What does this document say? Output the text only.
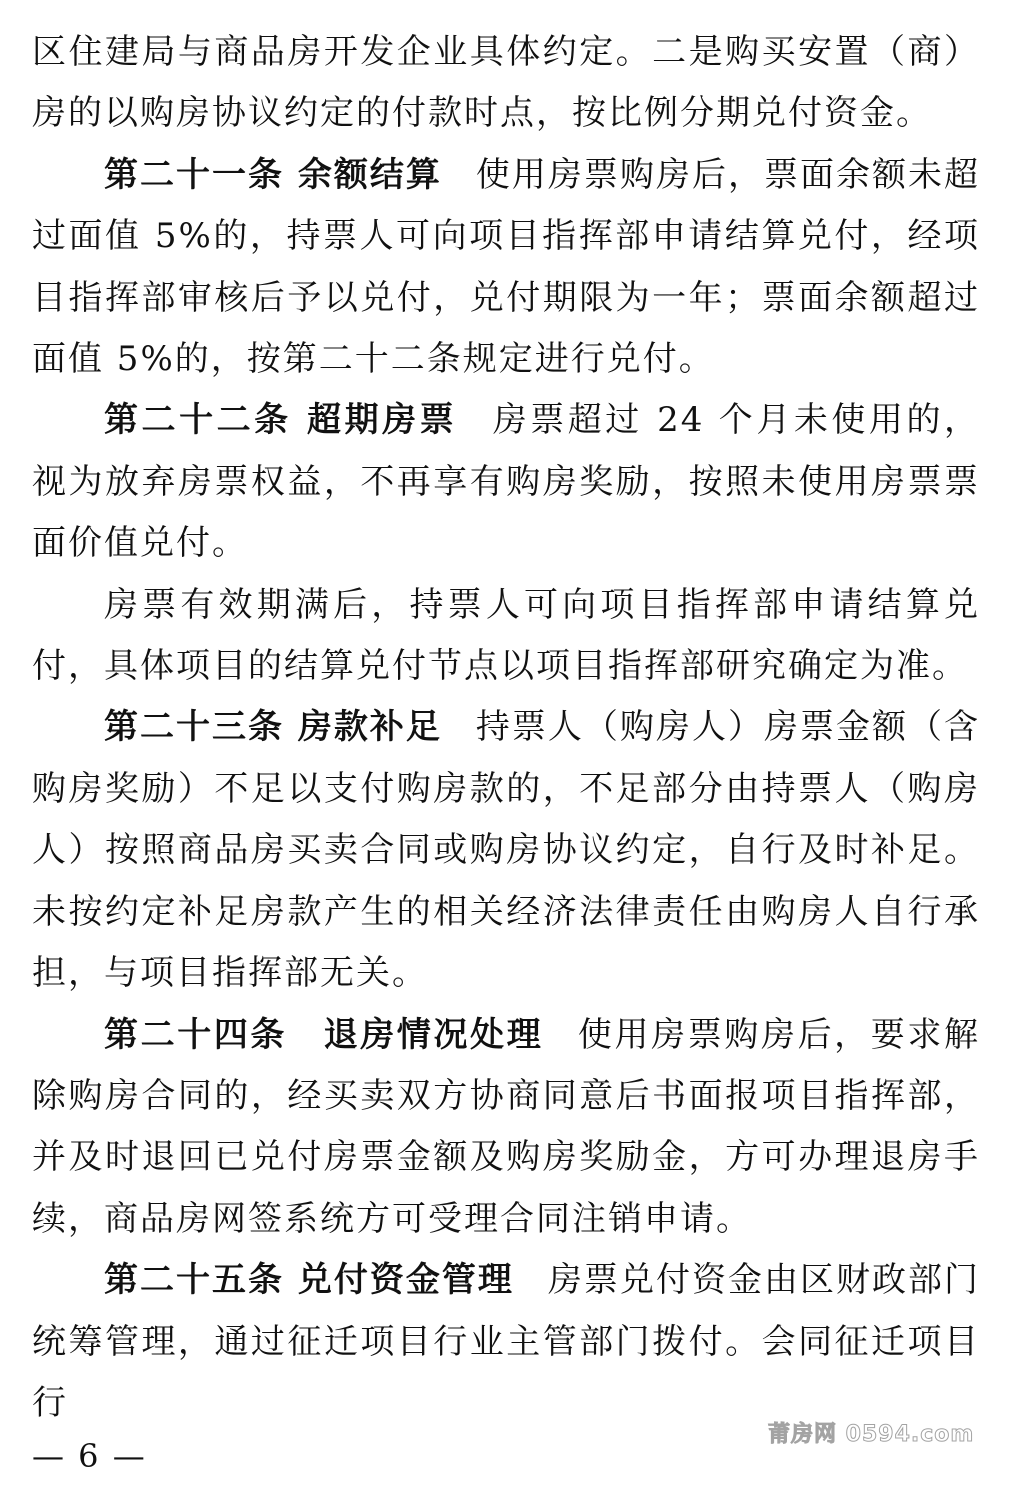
区住建局与商品房开发企业具体约定。二是购买安置（商）房的以购房协议约定的付款时点，按比例分期兑付资金。

第二十一条 余额结算 使用房票购房后，票面余额未超过面值 5%的，持票人可向项目指挥部申请结算兑付，经项目指挥部审核后予以兑付，兑付期限为一年；票面余额超过面值 5%的，按第二十二条规定进行兑付。

第二十二条 超期房票 房票超过 24 个月未使用的，视为放弃房票权益，不再享有购房奖励，按照未使用房票票面价值兑付。

房票有效期满后，持票人可向项目指挥部申请结算兑付，具体项目的结算兑付节点以项目指挥部研究确定为准。

第二十三条 房款补足 持票人（购房人）房票金额（含购房奖励）不足以支付购房款的，不足部分由持票人（购房人）按照商品房买卖合同或购房协议约定，自行及时补足。未按约定补足房款产生的相关经济法律责任由购房人自行承担，与项目指挥部无关。

第二十四条　退房情况处理 使用房票购房后，要求解除购房合同的，经买卖双方协商同意后书面报项目指挥部，并及时退回已兑付房票金额及购房奖励金，方可办理退房手续，商品房网签系统方可受理合同注销申请。

第二十五条 兑付资金管理 房票兑付资金由区财政部门统筹管理，通过征迁项目行业主管部门拨付。会同征迁项目行

— 6 —
莆房网 0594.com
